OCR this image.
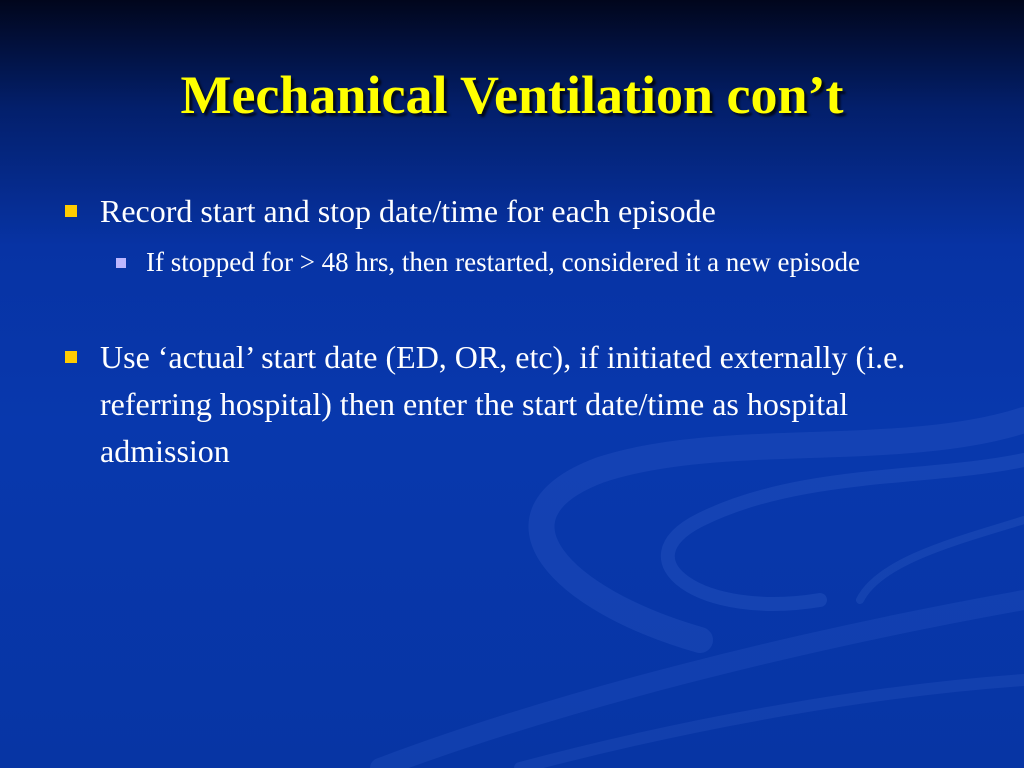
Mechanical Ventilation con’t
Record start and stop date/time for each episode
If stopped for > 48 hrs, then restarted, considered it a new episode
Use ‘actual’ start date (ED, OR, etc), if initiated externally (i.e. referring hospital) then enter the start date/time as hospital admission
